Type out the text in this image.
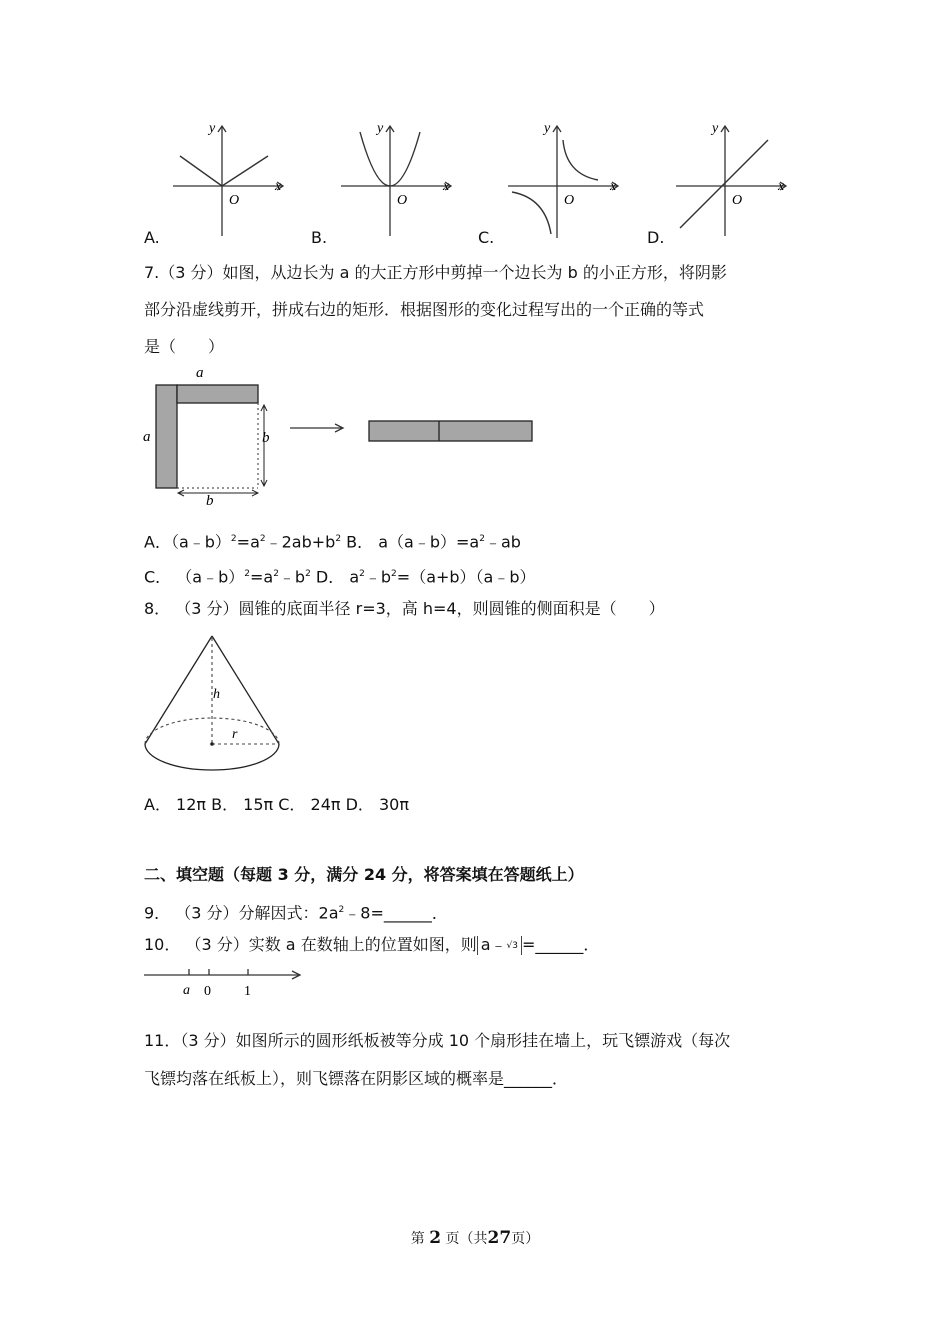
y
x
O
y
x
O
y
x
O
y
x
O
A.	B.	C.	D.
7.（3 分）如图，从边长为 a 的大正方形中剪掉一个边长为 b 的小正方形，将阴影
部分沿虚线剪开，拼成右边的矩形．根据图形的变化过程写出的一个正确的等式
是（　　）
a
a	b
b
A．$(a﹣b)^2=a^2﹣2ab+b^2$ B． $a(a﹣b)=a^2﹣ab$
C． $(a﹣b)^2=a^2﹣b^2$ D． $a^2﹣b^2=(a+b)(a﹣b)$
8． （3 分）圆锥的底面半径 r=3，高 h=4，则圆锥的侧面积是（　　）
h
r
A． 12π B． 15π C． 24π D． 30π
二、填空题（每题 3 分，满分 24 分，将答案填在答题纸上）
9． （3 分）分解因式：$2a^2﹣8=\_\_\_\_\_\_$．
10． （3 分）实数 a 在数轴上的位置如图，则 a﹣√3 =______．
a 0 1
11．（3 分）如图所示的圆形纸板被等分成 10 个扇形挂在墙上，玩飞镖游戏（每次
飞镖均落在纸板上），则飞镖落在阴影区域的概率是______．
第 2 页（共27页）
